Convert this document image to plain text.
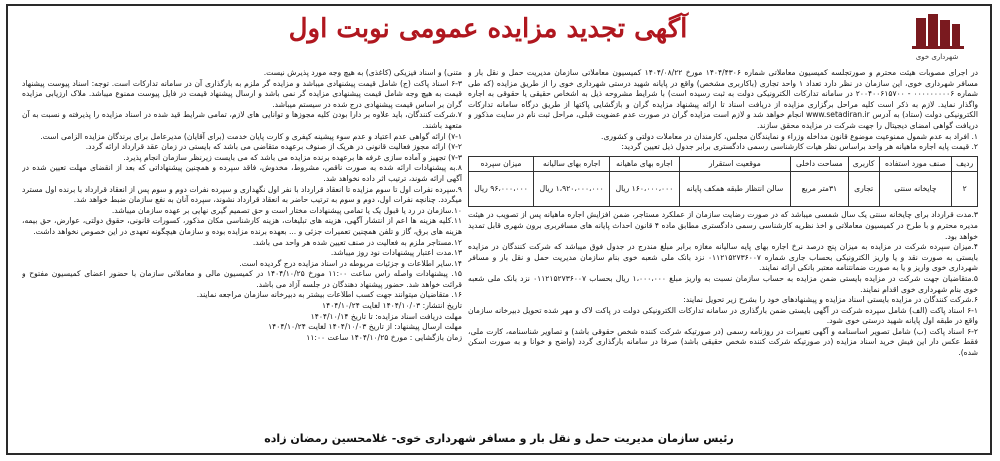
آگهی تجدید مزایده عمومی نوبت اول
شهرداری خوی

در اجرای مصوبات هیئت محترم و صورتجلسه کمیسیون معاملاتی شماره ۱۴۰۴/۴۳۰۶ مورخ ۱۴۰۴/۰۸/۲۲ کمیسیون معاملاتی سازمان مدیریت حمل و نقل بار و مسافر شهرداری خوی، این سازمان در نظر دارد تعداد ۱ واحد تجاری (باکاربری مشخص) واقع در پایانه شهید درستی شهرداری خوی را از طریق مزایده (که طی شماره ۰۰۰۰۰۰۰۰۰۶ - ۲۰۰۴۰۰۶۱۵۷۰۰ در سامانه تدارکات الکترونیکی دولت به ثبت رسیده است) با شرایط مشروحه ذیل به اشخاص حقیقی یا حقوقی به اجاره واگذار نماید. لازم به ذکر است کلیه مراحل برگزاری مزایده از دریافت اسناد تا ارائه پیشنهاد مزایده گران و بازگشایی پاکتها از طریق درگاه سامانه تدارکات الکترونیکی دولت (ستاد) به آدرس www.setadiran.ir انجام خواهد شد و لازم است مزایده گران در صورت عدم عضویت قبلی، مراحل ثبت نام در سایت مذکور و دریافت گواهی امضای دیجیتال را جهت شرکت در مزایده محقق سازند.

۱. افراد به عدم شمول ممنوعیت موضوع قانون مداخله وزراء و نمایندگان مجلس، کارمندان در معاملات دولتی و کشوری.

۲. قیمت پایه اجاره ماهیانه هر واحد براساس نظر هیات کارشناسی رسمی دادگستری برابر جدول ذیل تعیین گردید:

ردیف	صنف مورد استفاده	کاربری	مساحت داخلی	موقعیت استقرار	اجاره بهای ماهیانه	اجاره بهای سالیانه	میزان سپرده
۲	چایخانه سنتی	تجاری	۳۱متر مربع	سالن انتظار طبقه همکف پایانه	۱۶۰،۰۰۰،۰۰۰ ریال	۱،۹۲۰،۰۰۰،۰۰۰ ریال	۹۶،۰۰۰،۰۰۰ ریال

۳.مدت قرارداد برای چایخانه سنتی یک سال شمسی میباشد که در صورت رضایت سازمان از عملکرد مستاجر، ضمن افزایش اجاره ماهیانه پس از تصویب در هیئت مدیره محترم و با طرح در کمیسیون معاملاتی و اخذ نظریه کارشناسی رسمی دادگستری مطابق ماده ۴ قانون احداث پایانه های مسافربری برون شهری قابل تمدید خواهد بود.

۴.میزان سپرده شرکت در مزایده به میزان پنج درصد نرخ اجاره بهای پایه سالیانه مغازه برابر مبلغ مندرج در جدول فوق میباشد که شرکت کنندگان در مزایده بایستی به صورت نقد و یا واریز الکترونیکی بحساب جاری شماره ۰۱۱۲۱۵۲۷۳۶۰۰۷ نزد بانک ملی شعبه خوی بنام سازمان مدیریت حمل و نقل بار و مسافر شهرداری خوی واریز و یا به صورت ضمانتنامه معتبر بانکی ارائه نمایند.

۵.متقاضیان جهت شرکت در مزایده بایستی ضمن مزایده به حساب سازمان نسبت به واریز مبلغ ۱،۰۰۰،۰۰۰ ریال بحساب ۰۱۱۲۱۵۲۷۳۶۰۰۷ نزد بانک ملی شعبه خوی بنام شهرداری خوی اقدام نمایند.

۶.شرکت کنندگان در مزایده بایستی اسناد مزایده و پیشنهادهای خود را بشرح زیر تحویل نمایند:

۶-۱ اسناد پاکت (الف) شامل سپرده شرکت در آگهی بایستی ضمن بارگذاری در سامانه تدارکات الکترونیکی دولت در پاکت لاک و مهر شده تحویل دبیرخانه سازمان واقع در طبقه اول پایانه شهید درستی خوی شود.

۶-۲ اسناد پاکت (ب) شامل تصویر اساسنامه و آگهی تغییرات در روزنامه رسمی (در صورتیکه شرکت کننده شخص حقوقی باشد) و تصاویر شناسنامه، کارت ملی، فقط عکس دار این فیش خرید اسناد مزایده (در صورتیکه شرکت کننده شخص حقیقی باشد) صرفا در سامانه بارگذاری گردد (واضح و خوانا و به صورت اسکن شده).

متنی) و اسناد فیزیکی (کاغذی) به هیچ وجه مورد پذیرش نیست.

۶-۳ اسناد پاکت (ج) شامل قیمت پیشنهادی میباشد و مزایده گر ملزم به بارگذاری آن در سامانه تدارکات است. توجه: اسناد پیوست پیشنهاد قیمت به هیچ وجه شامل قیمت پیشنهادی مزایده گر نمی باشد و ارسال پیشنهاد قیمت در فایل پیوست ممنوع میباشد. ملاک ارزیابی مزایده گران بر اساس قیمت پیشنهادی درج شده در سیستم میباشد.

۷.شرکت کنندگان، باید علاوه بر دارا بودن کلیه مجوزها و توانایی های لازم، تمامی شرایط قید شده در اسناد مزایده را پذیرفته و نسبت به آن متعهد باشند.

۷-۱) ارائه گواهی عدم اعتیاد و عدم سوء پیشینه کیفری و کارت پایان خدمت (برای آقایان) مدیرعامل برای برندگان مزایده الزامی است.

۷-۲) ارائه مجوز فعالیت قانونی در هریک از صنوف برعهده متقاضی می باشد که بایستی در زمان عقد قرارداد ارائه گردد.

۷-۳) تجهیز و آماده سازی غرفه ها برعهده برنده مزایده می باشد که می بایست زیرنظر سازمان انجام پذیرد.

۸.به پیشنهادات ارائه شده به صورت ناقص، مشروط، مخدوش، فاقد سپرده و همچنین پیشنهاداتی که بعد از انقضای مهلت تعیین شده در آگهی ارائه شوند، ترتیب اثر داده نخواهد شد.

۹.سپرده نفرات اول تا سوم مزایده تا انعقاد قرارداد با نفر اول نگهداری و سپرده نفرات دوم و سوم پس از انعقاد قرارداد با برنده اول مسترد میگردد. چنانچه نفرات اول، دوم و سوم به ترتیب حاضر به انعقاد قرارداد نشوند، سپرده آنان به نفع سازمان ضبط خواهد شد.

۱۰.سازمان در رد یا قبول یک یا تمامی پیشنهادات مختار است و حق تصمیم گیری نهایی بر عهده سازمان میباشد.

۱۱.کلیه هزینه ها اعم از انتشار آگهی، هزینه های تبلیغات، هزینه کارشناسی مکان مذکور، کسورات قانونی، حقوق دولتی، عوارض، حق بیمه، هزینه های برق، گاز و تلفن همچنین تعمیرات جزئی و ... بعهده برنده مزایده بوده و سازمان هیچگونه تعهدی در این خصوص نخواهد داشت.

۱۲.مستاجر ملزم به فعالیت در صنف تعیین شده هر واحد می باشد.

۱۳.مدت اعتبار پیشنهادات نود روز میباشد.

۱۴.سایر اطلاعات و جزئیات مربوطه در اسناد مزایده درج گردیده است.

۱۵. پیشنهادات واصله راس ساعت ۱۱:۰۰ مورخ ۱۴۰۴/۱۰/۲۵ در کمیسیون مالی و معاملاتی سازمان با حضور اعضای کمیسیون مفتوح و قرائت خواهد شد. حضور پیشنهاد دهندگان در جلسه آزاد می باشد.

۱۶. متقاضیان میتوانند جهت کسب اطلاعات بیشتر به دبیرخانه سازمان مراجعه نمایند.

تاریخ انتشار: ۱۴۰۴/۱۰/۰۳ لغایت ۱۴۰۴/۱۰/۲۴

مهلت دریافت اسناد مزایده: تا تاریخ ۱۴۰۴/۱۰/۱۴

مهلت ارسال پیشنهاد: از تاریخ ۱۴۰۴/۱۰/۰۳ لغایت ۱۴۰۴/۱۰/۲۴

زمان بازگشایی : مورخ ۱۴۰۴/۱۰/۲۵ ساعت ۱۱:۰۰

رئیس سازمان مدیریت حمل و نقل بار و مسافر شهرداری خوی- غلامحسین رمضان زاده
